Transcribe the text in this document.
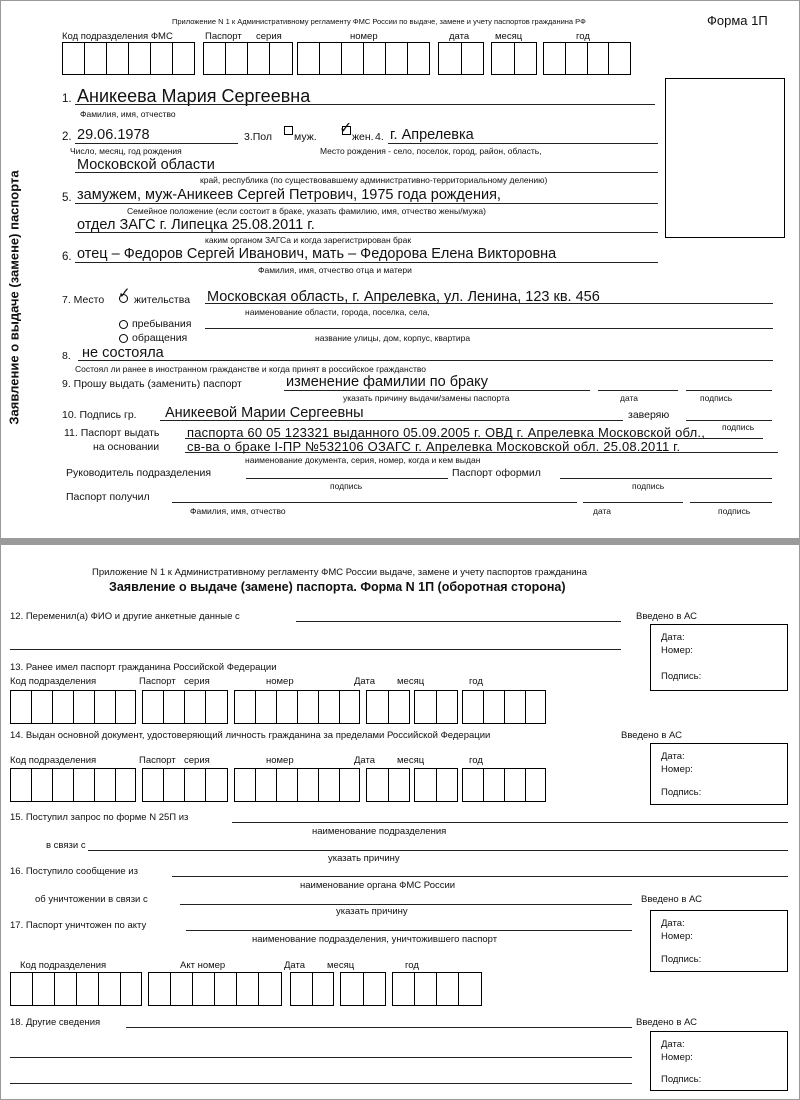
Приложение N 1 к Административному регламенту ФМС России по выдаче, замене и учету паспортов гражданина РФ	Форма 1П
Заявление о выдаче (замене) паспорта
Код подразделения ФМС	Паспорт серия	номер	дата	месяц	год
1. Аникеева Мария Сергеевна
Фамилия, имя, отчество
2. 29.06.1978	3.Пол муж. ✓ жен. 4. г. Апрелевка
Число, месяц, год рождения	Место рождения - село, поселок, город, район, область,
Московской области
край, республика (по существовавшему административно-территориальному делению)
5. замужем, муж-Аникеев Сергей Петрович, 1975 года рождения,
Семейное положение (если состоит в браке, указать фамилию, имя, отчество жены/мужа)
отдел ЗАГС г. Липецка 25.08.2011 г.
каким органом ЗАГСа и когда зарегистрирован брак
6. отец – Федоров Сергей Иванович, мать – Федорова Елена Викторовна
Фамилия, имя, отчество отца и матери
7. Место ✓ жительства Московская область, г. Апрелевка, ул. Ленина, 123 кв. 456
наименование области, города, поселка, села,
пребывания
обращения	название улицы, дом, корпус, квартира
8. не состояла
Состоял ли ранее в иностранном гражданстве и когда принят в российское гражданство
9. Прошу выдать (заменить) паспорт	изменение фамилии по браку
указать причину выдачи/замены паспорта	дата	подпись
10. Подпись гр. Аникеевой Марии Сергеевны	заверяю
подпись
11. Паспорт выдать паспорта 60 05 123321 выданного 05.09.2005 г. ОВД г. Апрелевка Московской обл.,
на основании св-ва о браке I-ПР №532106 ОЗАГС г. Апрелевка Московской обл. 25.08.2011 г.
наименование документа, серия, номер, когда и кем выдан
Руководитель подразделения
подпись
Паспорт оформил
подпись
Паспорт получил
Фамилия, имя, отчество	дата	подпись
Приложение N 1 к Административному регламенту ФМС России выдаче, замене и учету паспортов гражданина
Заявление о выдаче (замене) паспорта. Форма N 1П (оборотная сторона)
12. Переменил(а) ФИО и другие анкетные данные с	Введено в АС
Дата:
Номер:
Подпись:
13. Ранее имел паспорт гражданина Российской Федерации
Код подразделения	Паспорт серия	номер	Дата месяц	год
14. Выдан основной документ, удостоверяющий личность гражданина за пределами Российской Федерации	Введено в АС
Дата:
Номер:
Подпись:
Код подразделения	Паспорт серия	номер	Дата месяц	год
15. Поступил запрос по форме N 25П из
наименование подразделения
в связи с
указать причину
16. Поступило сообщение из
наименование органа ФМС России
об уничтожении в связи с
указать причину
Введено в АС
Дата:
Номер:
Подпись:
17. Паспорт уничтожен по акту
наименование подразделения, уничтожившего паспорт
Код подразделения	Акт номер	Дата месяц	год
18. Другие сведения	Введено в АС
Дата:
Номер:
Подпись:
